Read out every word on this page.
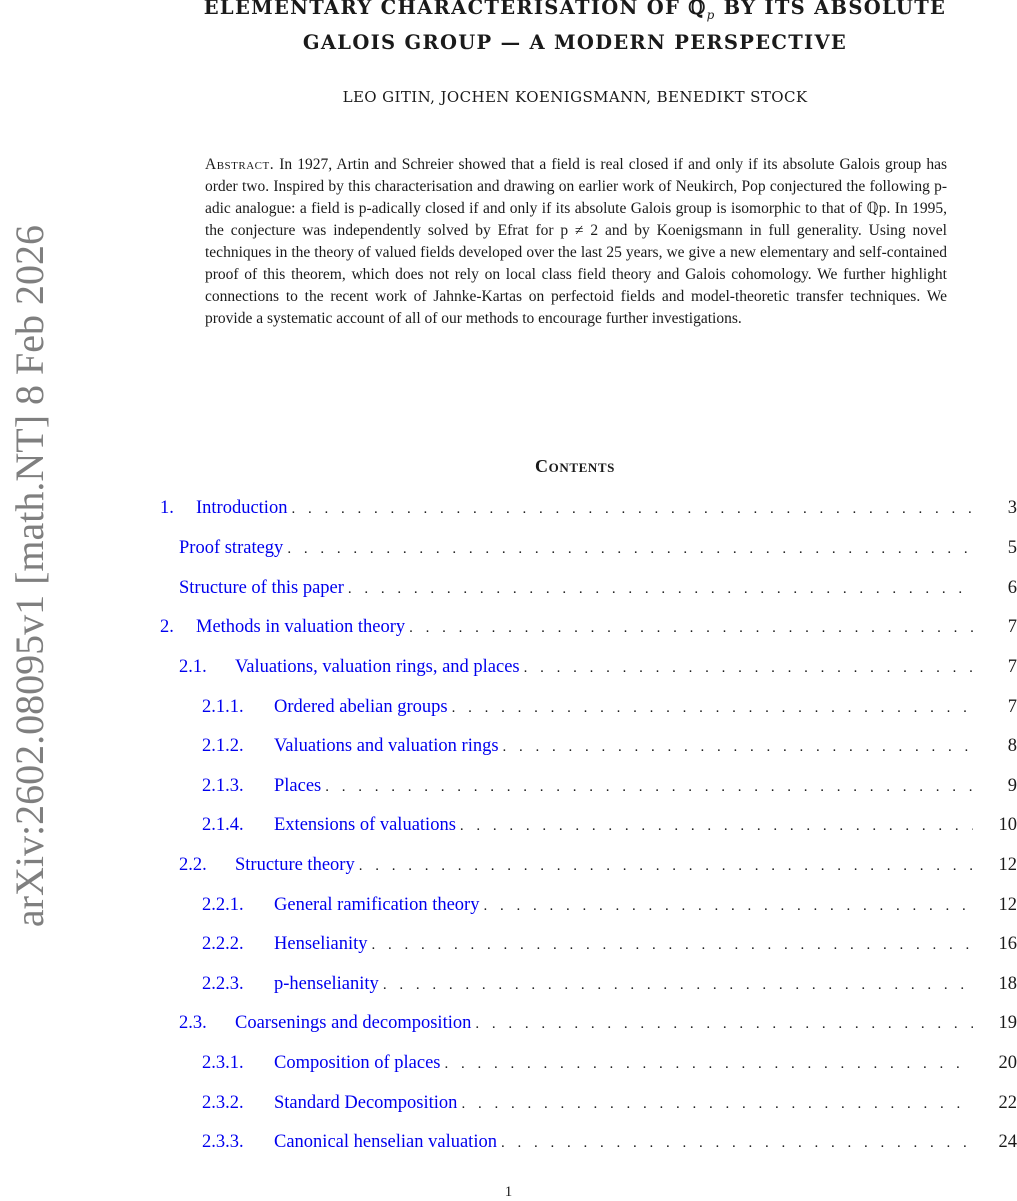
arXiv:2602.08095v1 [math.NT] 8 Feb 2026
ELEMENTARY CHARACTERISATION OF ℚ$_p$ BY ITS ABSOLUTE
GALOIS GROUP — A MODERN PERSPECTIVE

LEO GITIN, JOCHEN KOENIGSMANN, BENEDIKT STOCK

Abstract. In 1927, Artin and Schreier showed that a field is real closed if and only if its absolute Galois group has order two. Inspired by this characterisation and drawing on earlier work of Neukirch, Pop conjectured the following p-adic analogue: a field is p-adically closed if and only if its absolute Galois group is isomorphic to that of ℚp. In 1995, the conjecture was independently solved by Efrat for p ≠ 2 and by Koenigsmann in full generality. Using novel techniques in the theory of valued fields developed over the last 25 years, we give a new elementary and self-contained proof of this theorem, which does not rely on local class field theory and Galois cohomology. We further highlight connections to the recent work of Jahnke-Kartas on perfectoid fields and model-theoretic transfer techniques. We provide a systematic account of all of our methods to encourage further investigations.

Contents
1.	Introduction . . .	3
Proof strategy . . .	5
Structure of this paper . . .	6
2.	Methods in valuation theory . . .	7
2.1.	Valuations, valuation rings, and places . . .	7
2.1.1.	Ordered abelian groups . . .	7
2.1.2.	Valuations and valuation rings . . .	8
2.1.3.	Places . . .	9
2.1.4.	Extensions of valuations . . .	10
2.2.	Structure theory . . .	12
2.2.1.	General ramification theory . . .	12
2.2.2.	Henselianity . . .	16
2.2.3.	p-henselianity . . .	18
2.3.	Coarsenings and decomposition . . .	19
2.3.1.	Composition of places . . .	20
2.3.2.	Standard Decomposition . . .	22
2.3.3.	Canonical henselian valuation . . .	24
1
